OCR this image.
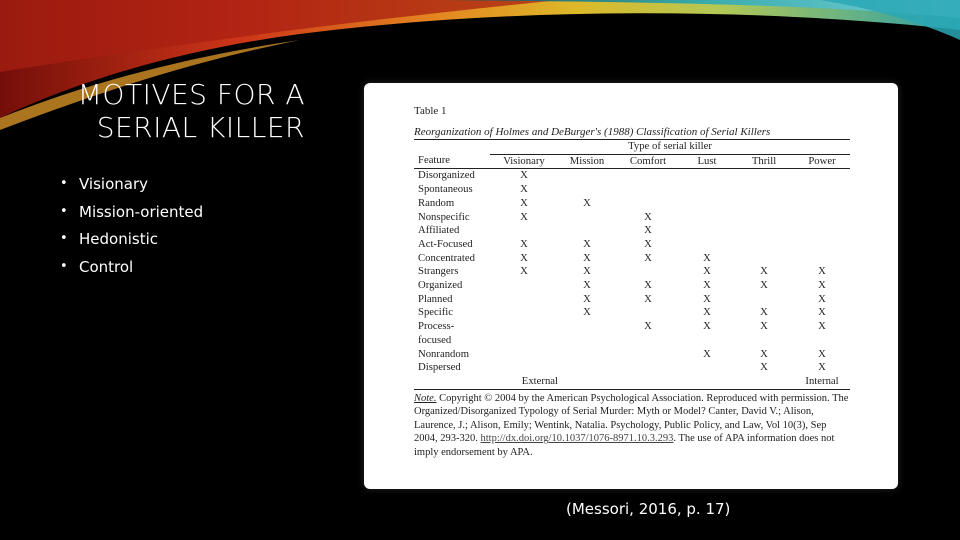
MOTIVES FOR A
SERIAL KILLER
• Visionary
• Mission-oriented
• Hedonistic
• Control
Table 1
Reorganization of Holmes and DeBurger's (1988) Classification of Serial Killers
	Type of serial killer					
Feature	Visionary	Mission	Comfort	Lust	Thrill	Power
Disorganized	X					
Spontaneous	X					
Random	X	X				
Nonspecific	X		X			
Affiliated			X			
Act-Focused	X	X	X			
Concentrated	X	X	X	X		
Strangers	X	X		X	X	X
Organized		X	X	X	X	X
Planned		X	X	X		X
Specific		X		X	X	X
Process-			X	X	X	X
focused						
Nonrandom				X	X	X
Dispersed					X	X
	External					Internal
Note. Copyright © 2004 by the American Psychological Association. Reproduced with permission. The Organized/Disorganized Typology of Serial Murder: Myth or Model? Canter, David V.; Alison, Laurence, J.; Alison, Emily; Wentink, Natalia. Psychology, Public Policy, and Law, Vol 10(3), Sep 2004, 293-320. http://dx.doi.org/10.1037/1076-8971.10.3.293. The use of APA information does not imply endorsement by APA.
(Messori, 2016, p. 17)
